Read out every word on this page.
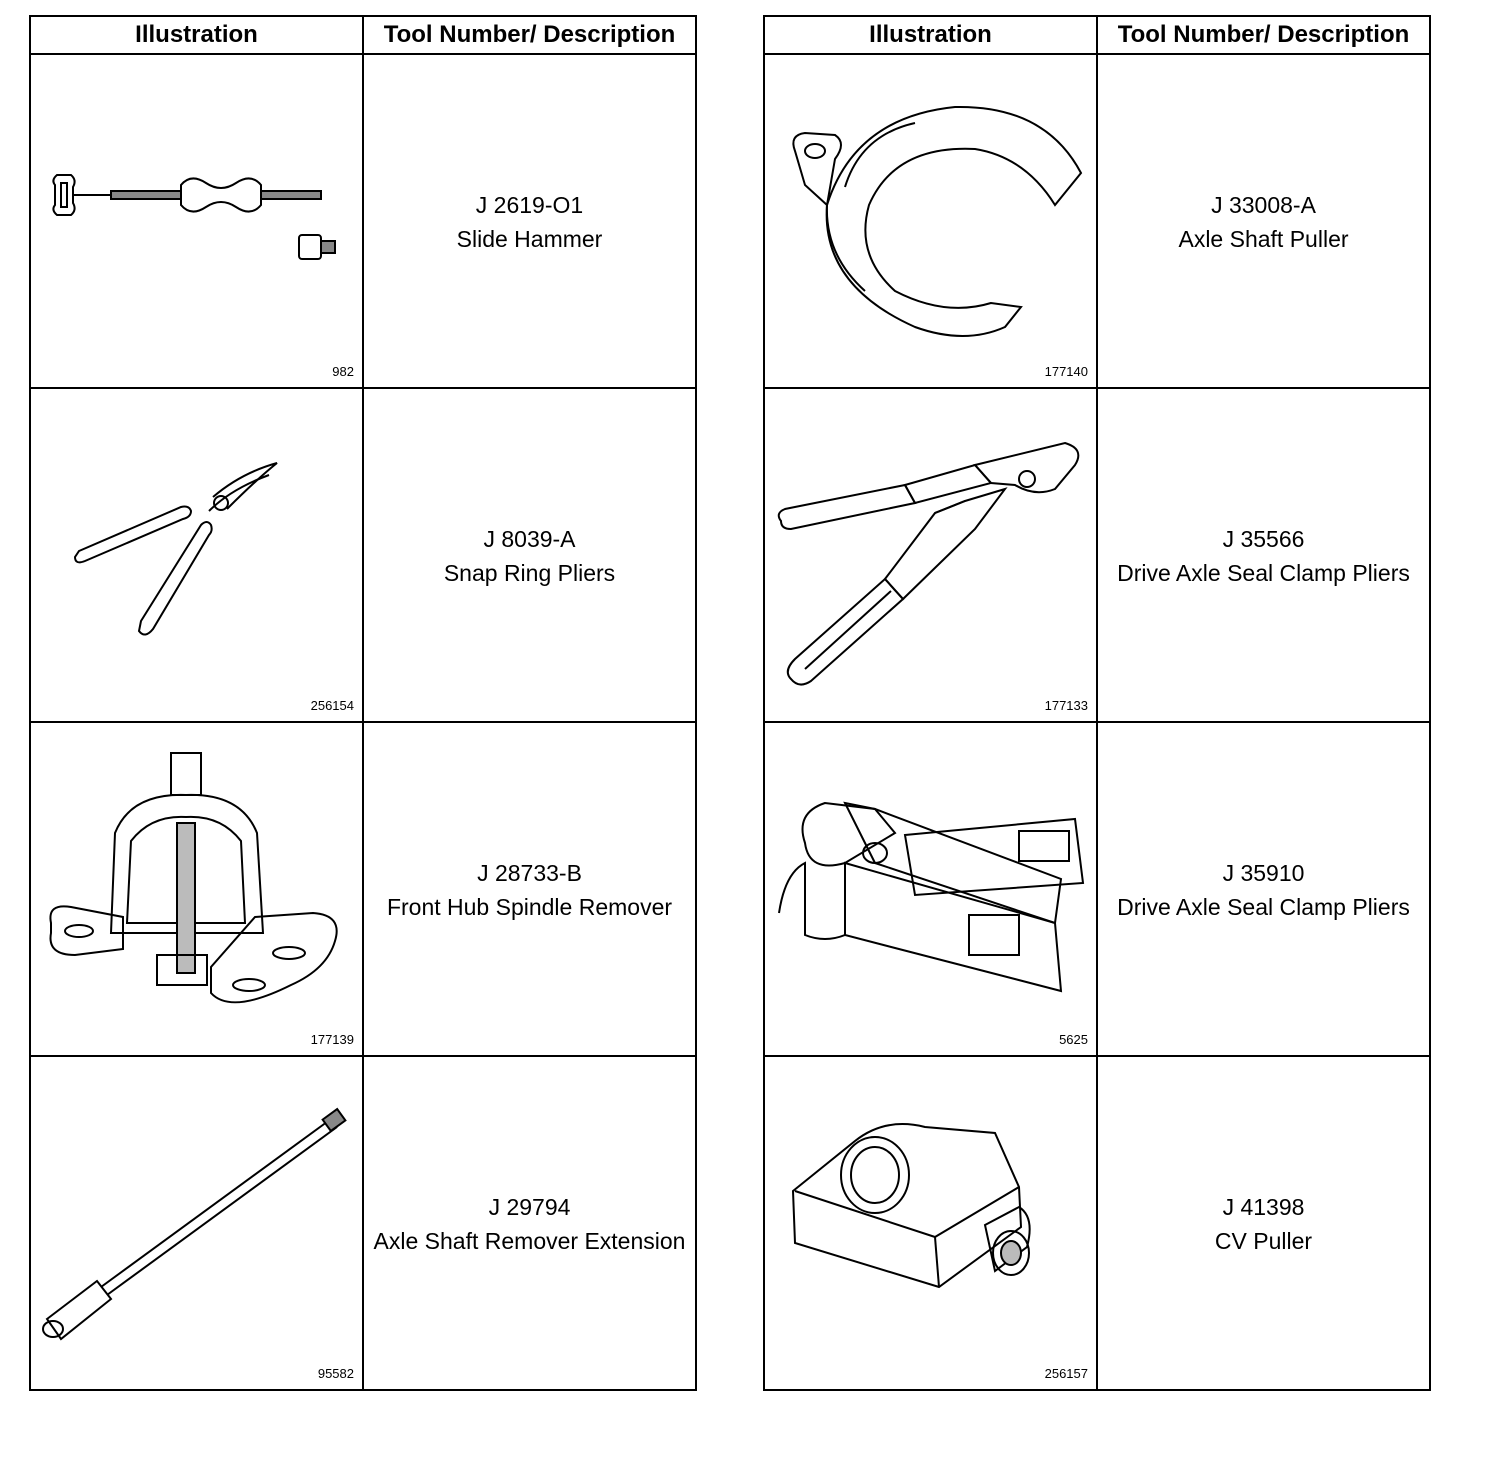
Illustration	Tool Number/ Description

982	J 2619-O1
Slide Hammer

256154	J 8039-A
Snap Ring Pliers

177139	J 28733-B
Front Hub Spindle Remover

95582	J 29794
Axle Shaft Remover Extension
Illustration	Tool Number/ Description

177140	J 33008-A
Axle Shaft Puller

177133	J 35566
Drive Axle Seal Clamp Pliers

5625	J 35910
Drive Axle Seal Clamp Pliers

256157	J 41398
CV Puller
